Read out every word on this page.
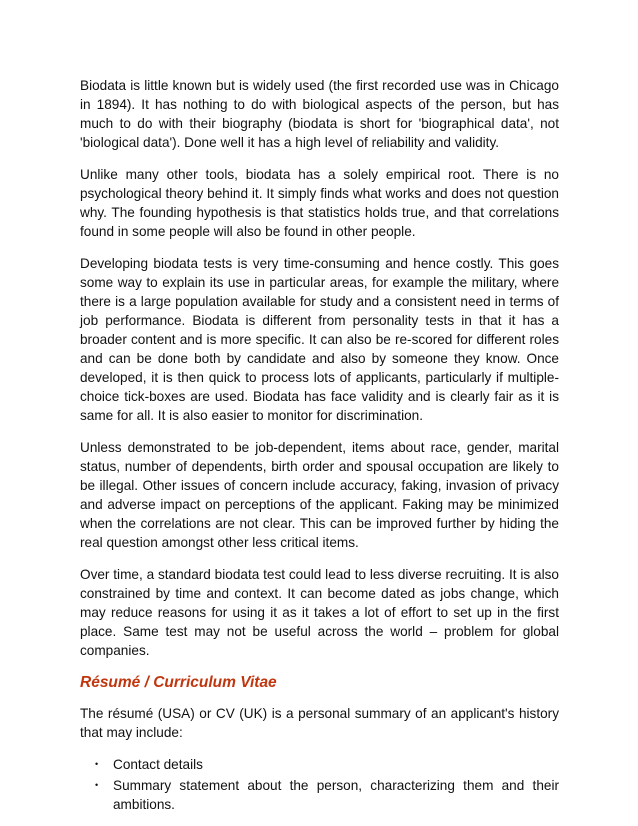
Biodata is little known but is widely used (the first recorded use was in Chicago in 1894). It has nothing to do with biological aspects of the person, but has much to do with their biography (biodata is short for 'biographical data', not 'biological data'). Done well it has a high level of reliability and validity.

Unlike many other tools, biodata has a solely empirical root. There is no psychological theory behind it. It simply finds what works and does not question why. The founding hypothesis is that statistics holds true, and that correlations found in some people will also be found in other people.

Developing biodata tests is very time-consuming and hence costly. This goes some way to explain its use in particular areas, for example the military, where there is a large population available for study and a consistent need in terms of job performance. Biodata is different from personality tests in that it has a broader content and is more specific. It can also be re-scored for different roles and can be done both by candidate and also by someone they know. Once developed, it is then quick to process lots of applicants, particularly if multiple-choice tick-boxes are used. Biodata has face validity and is clearly fair as it is same for all. It is also easier to monitor for discrimination.

Unless demonstrated to be job-dependent, items about race, gender, marital status, number of dependents, birth order and spousal occupation are likely to be illegal. Other issues of concern include accuracy, faking, invasion of privacy and adverse impact on perceptions of the applicant. Faking may be minimized when the correlations are not clear. This can be improved further by hiding the real question amongst other less critical items.

Over time, a standard biodata test could lead to less diverse recruiting. It is also constrained by time and context. It can become dated as jobs change, which may reduce reasons for using it as it takes a lot of effort to set up in the first place. Same test may not be useful across the world – problem for global companies.

Résumé / Curriculum Vitae

The résumé (USA) or CV (UK) is a personal summary of an applicant's history that may include:

• Contact details
• Summary statement about the person, characterizing them and their ambitions.
